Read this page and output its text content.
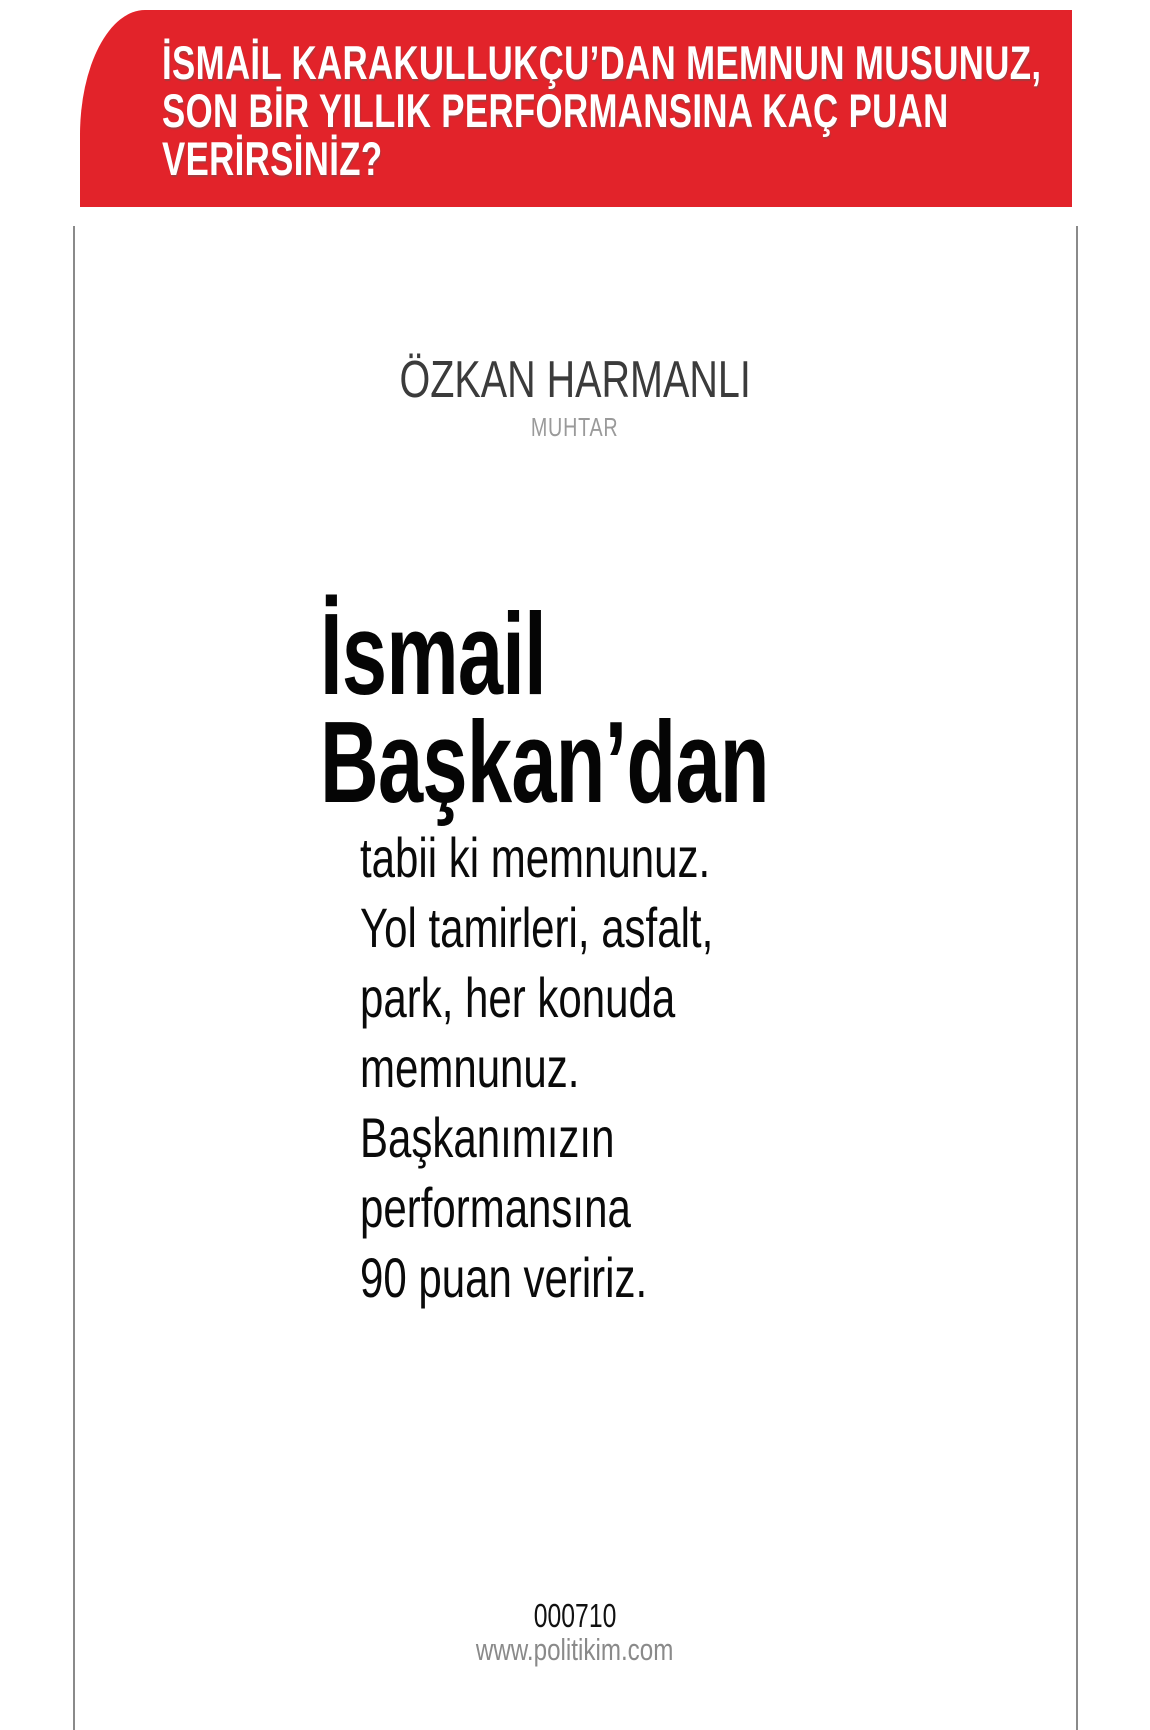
İSMAİL KARAKULLUKÇU’DAN MEMNUN MUSUNUZ,
SON BİR YILLIK PERFORMANSINA KAÇ PUAN
VERİRSİNİZ?
ÖZKAN HARMANLI
MUHTAR
İsmail
Başkan’dan
tabii ki memnunuz.
Yol tamirleri, asfalt,
park, her konuda
memnunuz.
Başkanımızın
performansına
90 puan veririz.
000710
www.politikim.com
